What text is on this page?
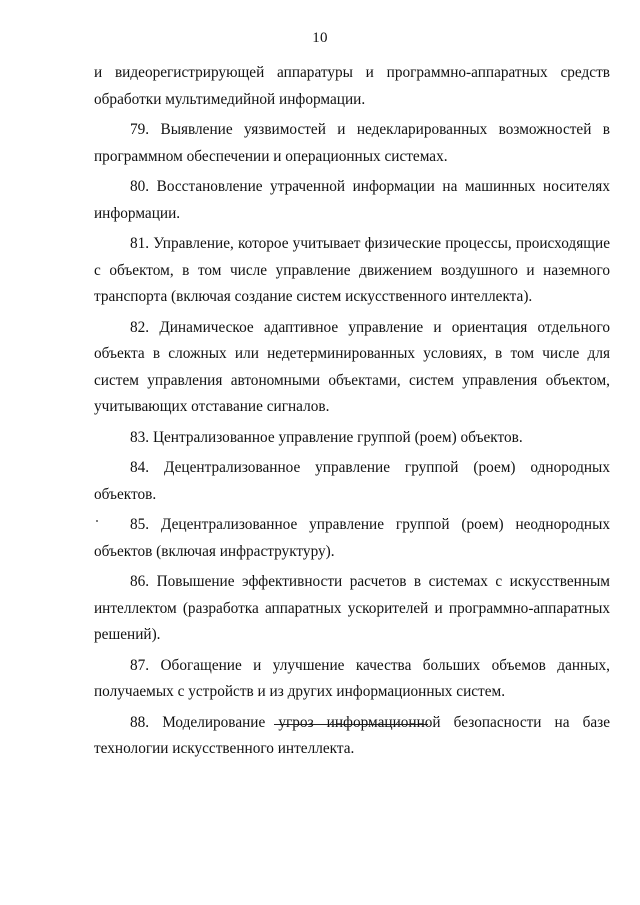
10

и видеорегистрирующей аппаратуры и программно-аппаратных средств обработки мультимедийной информации.

79. Выявление уязвимостей и недекларированных возможностей в программном обеспечении и операционных системах.

80. Восстановление утраченной информации на машинных носителях информации.

81. Управление, которое учитывает физические процессы, происходящие с объектом, в том числе управление движением воздушного и наземного транспорта (включая создание систем искусственного интеллекта).

82. Динамическое адаптивное управление и ориентация отдельного объекта в сложных или недетерминированных условиях, в том числе для систем управления автономными объектами, систем управления объектом, учитывающих отставание сигналов.

83. Централизованное управление группой (роем) объектов.

84. Децентрализованное управление группой (роем) однородных объектов.

85. Децентрализованное управление группой (роем) неоднородных объектов (включая инфраструктуру).

86. Повышение эффективности расчетов в системах с искусственным интеллектом (разработка аппаратных ускорителей и программно-аппаратных решений).

87. Обогащение и улучшение качества больших объемов данных, получаемых с устройств и из других информационных систем.

88. Моделирование угроз информационной безопасности на базе технологии искусственного интеллекта.
